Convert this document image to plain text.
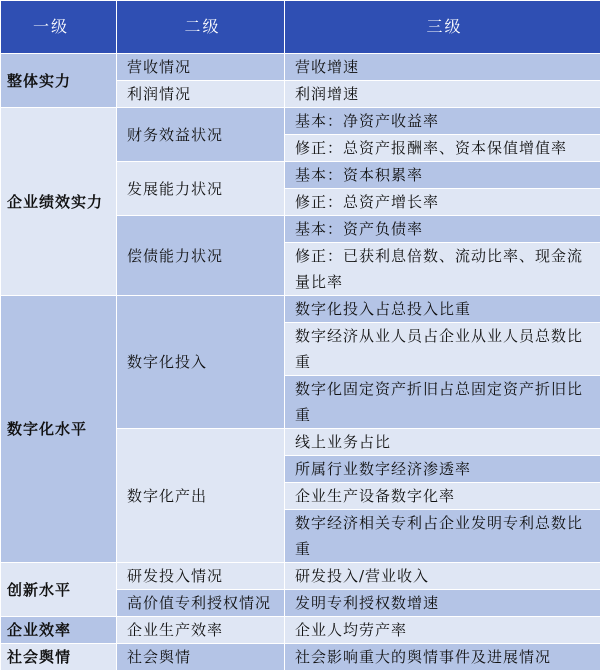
一级	二级	三级
整体实力	营收情况	营收增速
	利润情况	利润增速
企业绩效实力	财务效益状况	基本：净资产收益率
		修正：总资产报酬率、资本保值增值率
	发展能力状况	基本：资本积累率
		修正：总资产增长率
	偿债能力状况	基本：资产负债率
		修正：已获利息倍数、流动比率、现金流量比率
数字化水平	数字化投入	数字化投入占总投入比重
		数字经济从业人员占企业从业人员总数比重
		数字化固定资产折旧占总固定资产折旧比重
	数字化产出	线上业务占比
		所属行业数字经济渗透率
		企业生产设备数字化率
		数字经济相关专利占企业发明专利总数比重
创新水平	研发投入情况	研发投入/营业收入
	高价值专利授权情况	发明专利授权数增速
企业效率	企业生产效率	企业人均劳产率
社会舆情	社会舆情	社会影响重大的舆情事件及进展情况
